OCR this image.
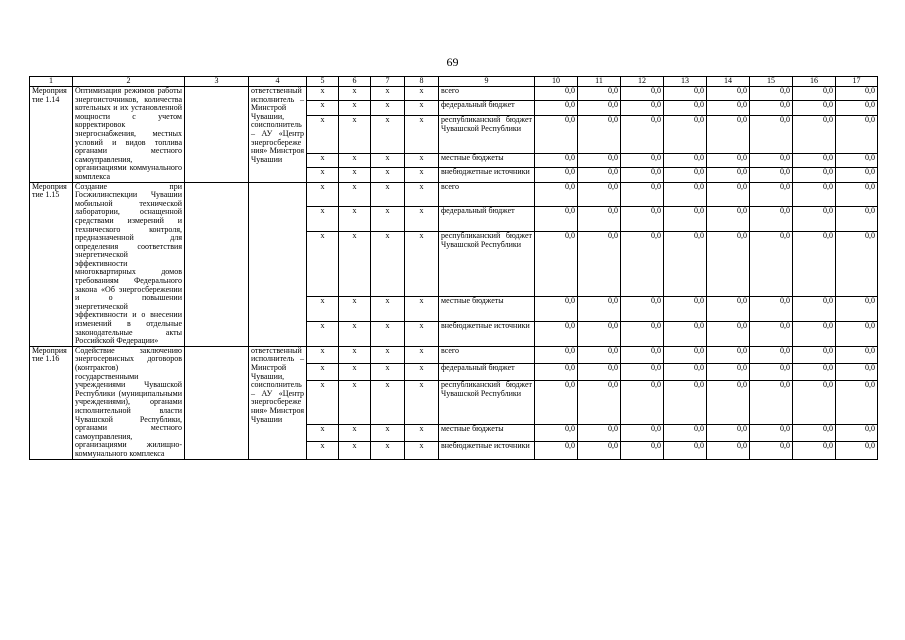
69
1	2	3	4	5	6	7	8	9	10	11	12	13	14	15	16	17
Мероприятие 1.14	Оптимизация режимов работы энергоисточников, количества котельных и их установленной мощности с учетом корректировок энергоснабжения, местных условий и видов топлива органами местного самоуправления, организациями коммунального комплекса		ответственный исполнитель – Минстрой Чувашии, соисполнитель – АУ «Центр энергосбережения» Минстроя Чувашии	х	х	х	х	всего	0,0	0,0	0,0	0,0	0,0	0,0	0,0	0,0
				х	х	х	х	федеральный бюджет	0,0	0,0	0,0	0,0	0,0	0,0	0,0	0,0
				х	х	х	х	республиканский бюджет Чувашской Республики	0,0	0,0	0,0	0,0	0,0	0,0	0,0	0,0
				х	х	х	х	местные бюджеты	0,0	0,0	0,0	0,0	0,0	0,0	0,0	0,0
				х	х	х	х	внебюджетные источники	0,0	0,0	0,0	0,0	0,0	0,0	0,0	0,0
Мероприятие 1.15	Создание при Госжилинспекции Чувашии мобильной технической лаборатории, оснащенной средствами измерений и технического контроля, предназначенной для определения соответствия энергетической эффективности многоквартирных домов требованиям Федерального закона «Об энергосбережении и о повышении энергетической эффективности и о внесении изменений в отдельные законодательные акты Российской Федерации»			х	х	х	х	всего	0,0	0,0	0,0	0,0	0,0	0,0	0,0	0,0
				х	х	х	х	федеральный бюджет	0,0	0,0	0,0	0,0	0,0	0,0	0,0	0,0
				х	х	х	х	республиканский бюджет Чувашской Республики	0,0	0,0	0,0	0,0	0,0	0,0	0,0	0,0
				х	х	х	х	местные бюджеты	0,0	0,0	0,0	0,0	0,0	0,0	0,0	0,0
				х	х	х	х	внебюджетные источники	0,0	0,0	0,0	0,0	0,0	0,0	0,0	0,0
Мероприятие 1.16	Содействие заключению энергосервисных договоров (контрактов) государственными учреждениями Чувашской Республики (муниципальными учреждениями), органами исполнительной власти Чувашской Республики, органами местного самоуправления, организациями жилищно-коммунального комплекса		ответственный исполнитель – Минстрой Чувашии, соисполнитель – АУ «Центр энергосбережения» Минстроя Чувашии	х	х	х	х	всего	0,0	0,0	0,0	0,0	0,0	0,0	0,0	0,0
				х	х	х	х	федеральный бюджет	0,0	0,0	0,0	0,0	0,0	0,0	0,0	0,0
				х	х	х	х	республиканский бюджет Чувашской Республики	0,0	0,0	0,0	0,0	0,0	0,0	0,0	0,0
				х	х	х	х	местные бюджеты	0,0	0,0	0,0	0,0	0,0	0,0	0,0	0,0
				х	х	х	х	внебюджетные источники	0,0	0,0	0,0	0,0	0,0	0,0	0,0	0,0
